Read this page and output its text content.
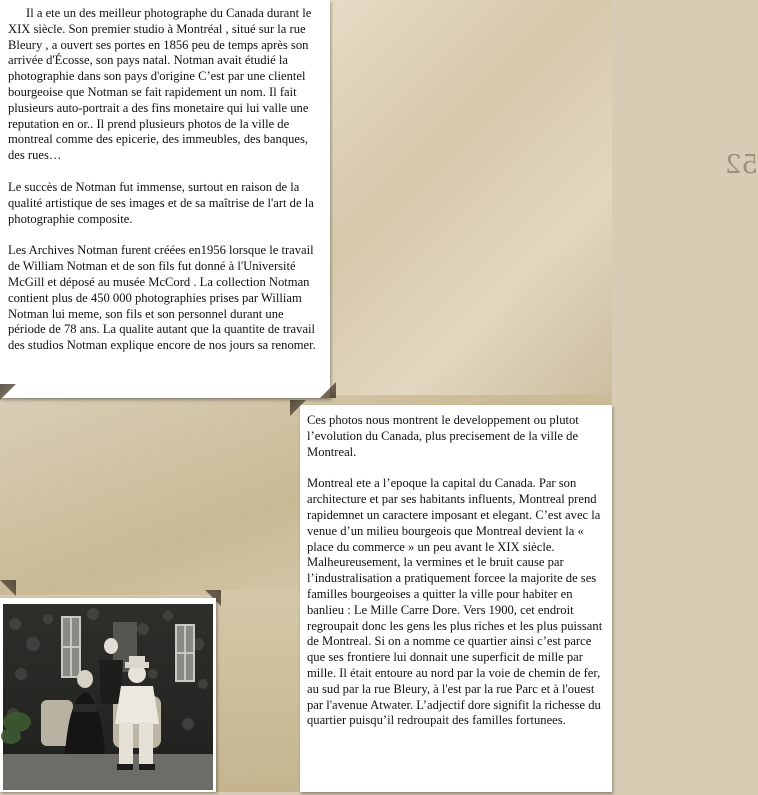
52

Il a ete un des meilleur photographe du Canada durant le XIX siècle. Son premier studio à Montréal , situé sur la rue Bleury , a ouvert ses portes en 1856 peu de temps après son arrivée d'Écosse, son pays natal. Notman avait étudié la photographie dans son pays d'origine C’est par une clientel bourgeoise que Notman se fait rapidement un nom. Il fait plusieurs auto-portrait a des fins monetaire qui lui valle une reputation en or.. Il prend plusieurs photos de la ville de montreal comme des epicerie, des immeubles, des banques, des rues…

Le succès de Notman fut immense, surtout en raison de la qualité artistique de ses images et de sa maîtrise de l'art de la photographie composite.

Les Archives Notman furent créées en1956 lorsque le travail de William Notman et de son fils fut donné à l'Université McGill et déposé au musée McCord . La collection Notman contient plus de 450 000 photographies prises par William Notman lui meme, son fils et son personnel durant une période de 78 ans. La qualite autant que la quantite de travail des studios Notman explique encore de nos jours sa renomer.

Ces photos nous montrent le developpement ou plutot l’evolution du Canada, plus precisement de la ville de Montreal.

Montreal ete a l’epoque la capital du Canada. Par son architecture et par ses habitants influents, Montreal prend rapidemnet un caractere imposant et elegant. C’est avec la venue d’un milieu bourgeois que Montreal devient la « place du commerce » un peu avant le XIX siècle. Malheureusement, la vermines et le bruit cause par l’industralisation a pratiquement forcee la majorite de ses familles bourgeoises a quitter la ville pour habiter en banlieu : Le Mille Carre Dore. Vers 1900, cet endroit regroupait donc les gens les plus riches et les plus puissant de Montreal. Si on a nomme ce quartier ainsi c’est parce que ses frontiere lui donnait une superficit de mille par mille. Il était entoure au nord par la voie de chemin de fer, au sud par la rue Bleury, à l'est par la rue Parc et à l'ouest par l'avenue Atwater. L’adjectif dore signifit la richesse du quartier puisqu’il redroupait des familles fortunees.
